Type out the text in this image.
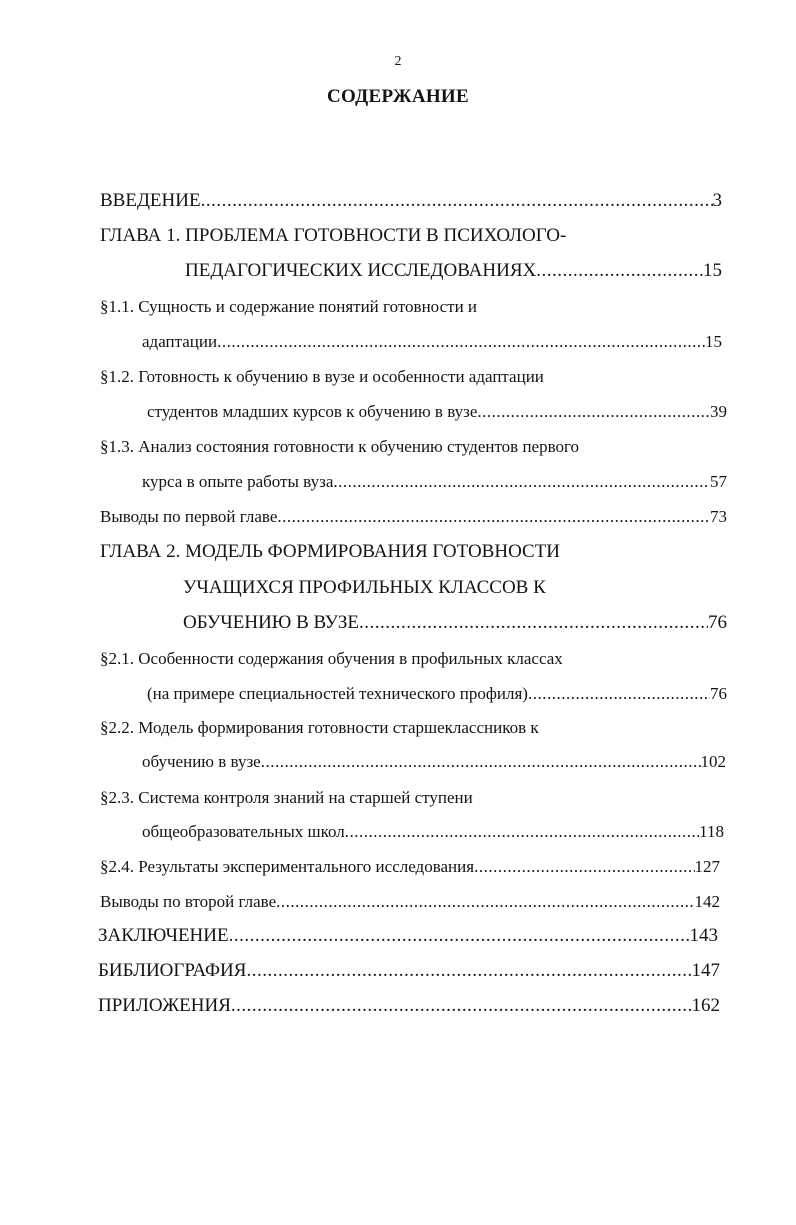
2
СОДЕРЖАНИЕ
ВВЕДЕНИЕ .....	3
ГЛАВА 1. ПРОБЛЕМА ГОТОВНОСТИ В ПСИХОЛОГО-
ПЕДАГОГИЧЕСКИХ ИССЛЕДОВАНИЯХ .....	15
§1.1. Сущность и содержание понятий готовности и
адаптации .....	15
§1.2. Готовность к обучению в вузе и особенности адаптации
студентов младших курсов к обучению в вузе .....	39
§1.3. Анализ состояния готовности к обучению студентов первого
курса в опыте работы вуза .....	57
Выводы по первой главе .....	73
ГЛАВА 2. МОДЕЛЬ ФОРМИРОВАНИЯ ГОТОВНОСТИ
УЧАЩИХСЯ ПРОФИЛЬНЫХ КЛАССОВ К
ОБУЧЕНИЮ В ВУЗЕ .....	76
§2.1. Особенности содержания обучения в профильных классах
(на примере специальностей технического профиля) .....	76
§2.2. Модель формирования готовности старшеклассников к
обучению в вузе .....	102
§2.3. Система контроля знаний на старшей ступени
общеобразовательных школ .....	118
§2.4. Результаты экспериментального исследования .....	127
Выводы по второй главе .....	142
ЗАКЛЮЧЕНИЕ .....	143
БИБЛИОГРАФИЯ .....	147
ПРИЛОЖЕНИЯ .....	162
